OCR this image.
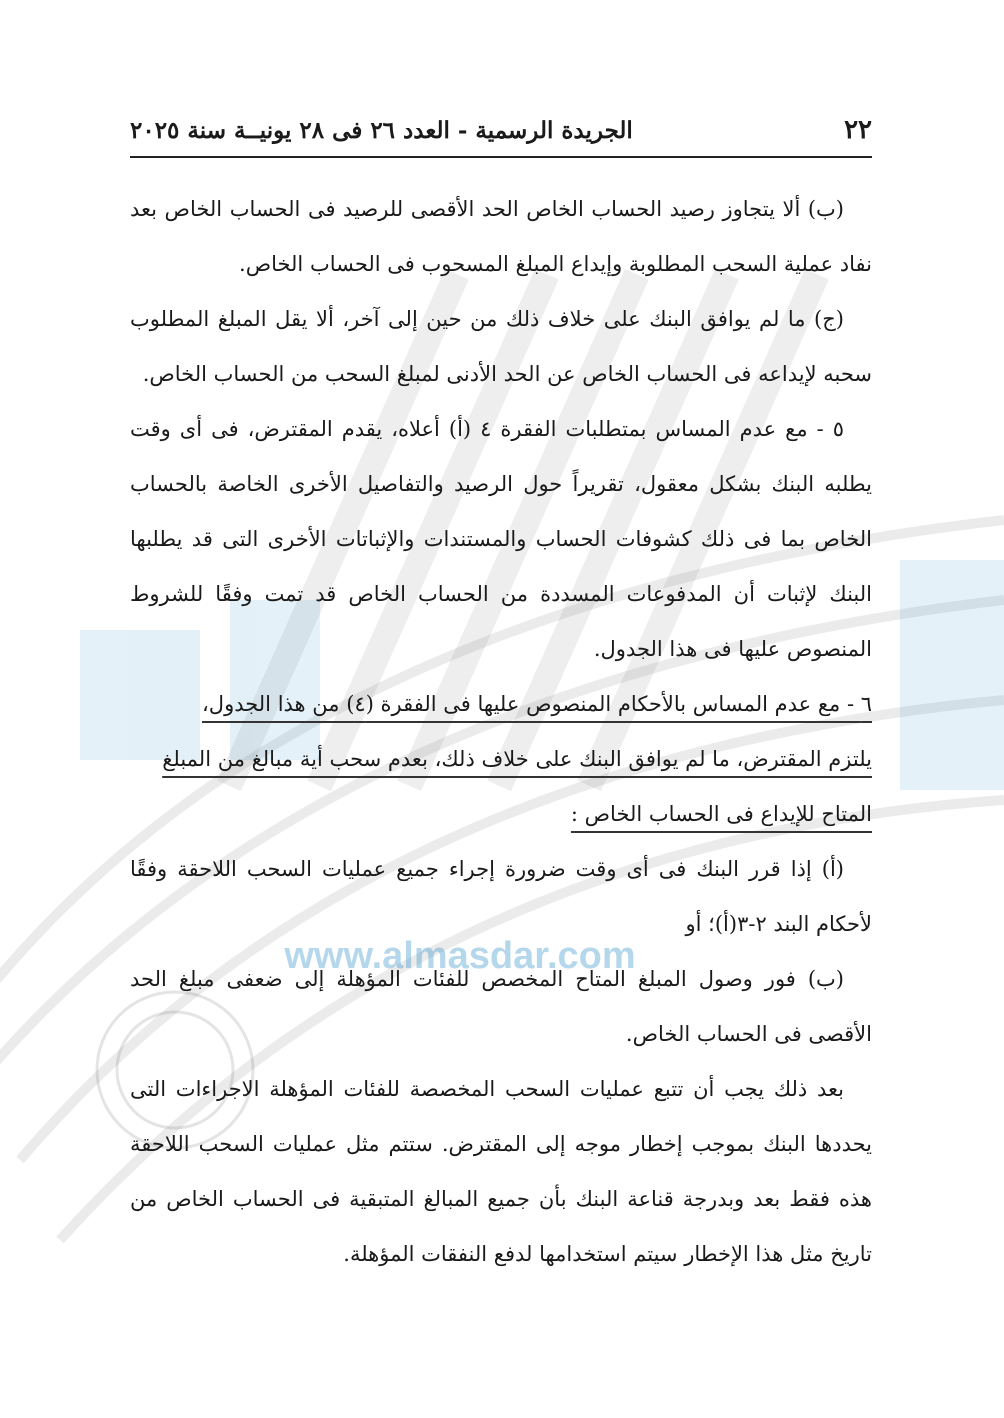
www.almasdar.com
٢٢
الجريدة الرسمية - العدد ٢٦ فى ٢٨ يونيــة سنة ٢٠٢٥

(ب) ألا يتجاوز رصيد الحساب الخاص الحد الأقصى للرصيد فى الحساب الخاص بعد نفاد عملية السحب المطلوبة وإيداع المبلغ المسحوب فى الحساب الخاص.

(ج) ما لم يوافق البنك على خلاف ذلك من حين إلى آخر، ألا يقل المبلغ المطلوب سحبه لإيداعه فى الحساب الخاص عن الحد الأدنى لمبلغ السحب من الحساب الخاص.

٥ - مع عدم المساس بمتطلبات الفقرة ٤ (أ) أعلاه، يقدم المقترض، فى أى وقت يطلبه البنك بشكل معقول، تقريراً حول الرصيد والتفاصيل الأخرى الخاصة بالحساب الخاص بما فى ذلك كشوفات الحساب والمستندات والإثباتات الأخرى التى قد يطلبها البنك لإثبات أن المدفوعات المسددة من الحساب الخاص قد تمت وفقًا للشروط المنصوص عليها فى هذا الجدول.

٦ - مع عدم المساس بالأحكام المنصوص عليها فى الفقرة (٤) من هذا الجدول،
يلتزم المقترض، ما لم يوافق البنك على خلاف ذلك، بعدم سحب أية مبالغ من المبلغ
المتاح للإيداع فى الحساب الخاص :

(أ) إذا قرر البنك فى أى وقت ضرورة إجراء جميع عمليات السحب اللاحقة وفقًا لأحكام البند ٢-٣(أ)؛ أو

(ب) فور وصول المبلغ المتاح المخصص للفئات المؤهلة إلى ضعفى مبلغ الحد الأقصى فى الحساب الخاص.

بعد ذلك يجب أن تتبع عمليات السحب المخصصة للفئات المؤهلة الاجراءات التى يحددها البنك بموجب إخطار موجه إلى المقترض. ستتم مثل عمليات السحب اللاحقة هذه فقط بعد وبدرجة قناعة البنك بأن جميع المبالغ المتبقية فى الحساب الخاص من تاريخ مثل هذا الإخطار سيتم استخدامها لدفع النفقات المؤهلة.
